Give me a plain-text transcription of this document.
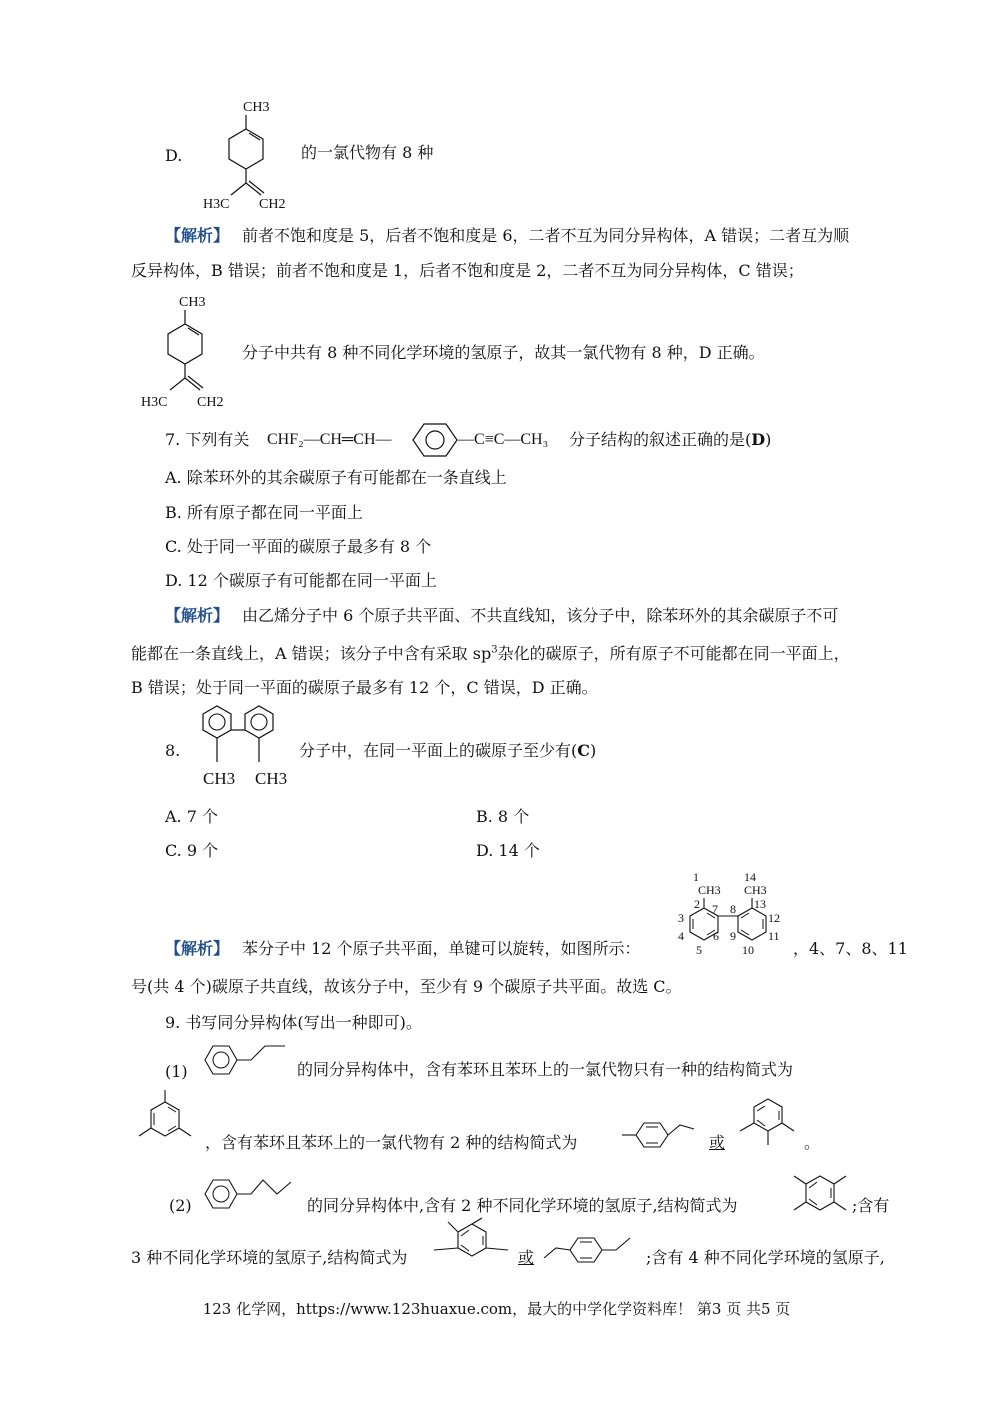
D.
CH3
H3C CH2
的一氯代物有 8 种
【解析】 前者不饱和度是 5，后者不饱和度是 6，二者不互为同分异构体，A 错误；二者互为顺
反异构体，B 错误；前者不饱和度是 1，后者不饱和度是 2，二者不互为同分异构体，C 错误；
CH3
H3C CH2
分子中共有 8 种不同化学环境的氢原子，故其一氯代物有 8 种，D 正确。
7. 下列有关 CHF₂—CH═CH—	—C≡C—CH₃ 分子结构的叙述正确的是(D)
A. 除苯环外的其余碳原子有可能都在一条直线上
B. 所有原子都在同一平面上
C. 处于同一平面的碳原子最多有 8 个
D. 12 个碳原子有可能都在同一平面上
【解析】 由乙烯分子中 6 个原子共平面、不共直线知，该分子中，除苯环外的其余碳原子不可
能都在一条直线上，A 错误；该分子中含有采取 $sp^3$杂化的碳原子，所有原子不可能都在同一平面上，
B 错误；处于同一平面的碳原子最多有 12 个，C 错误，D 正确。
8.
CH3 CH3
分子中，在同一平面上的碳原子至少有(C)
A. 7 个	B. 8 个
C. 9 个	D. 14 个
【解析】 苯分子中 12 个原子共平面，单键可以旋转，如图所示：
1
CH3
14
CH3
2
3
4
5
6
7 8
9
10
11
12
13
，4、7、8、11
号(共 4 个)碳原子共直线，故该分子中，至少有 9 个碳原子共平面。故选 C。
9. 书写同分异构体(写出一种即可)。
(1)	的同分异构体中，含有苯环且苯环上的一氯代物只有一种的结构简式为
，含有苯环且苯环上的一氯代物有 2 种的结构简式为	或	。
(2)	的同分异构体中,含有 2 种不同化学环境的氢原子,结构简式为	;含有
3 种不同化学环境的氢原子,结构简式为	或	;含有 4 种不同化学环境的氢原子,
123 化学网，https://www.123huaxue.com，最大的中学化学资料库！ 第3 页 共5 页
